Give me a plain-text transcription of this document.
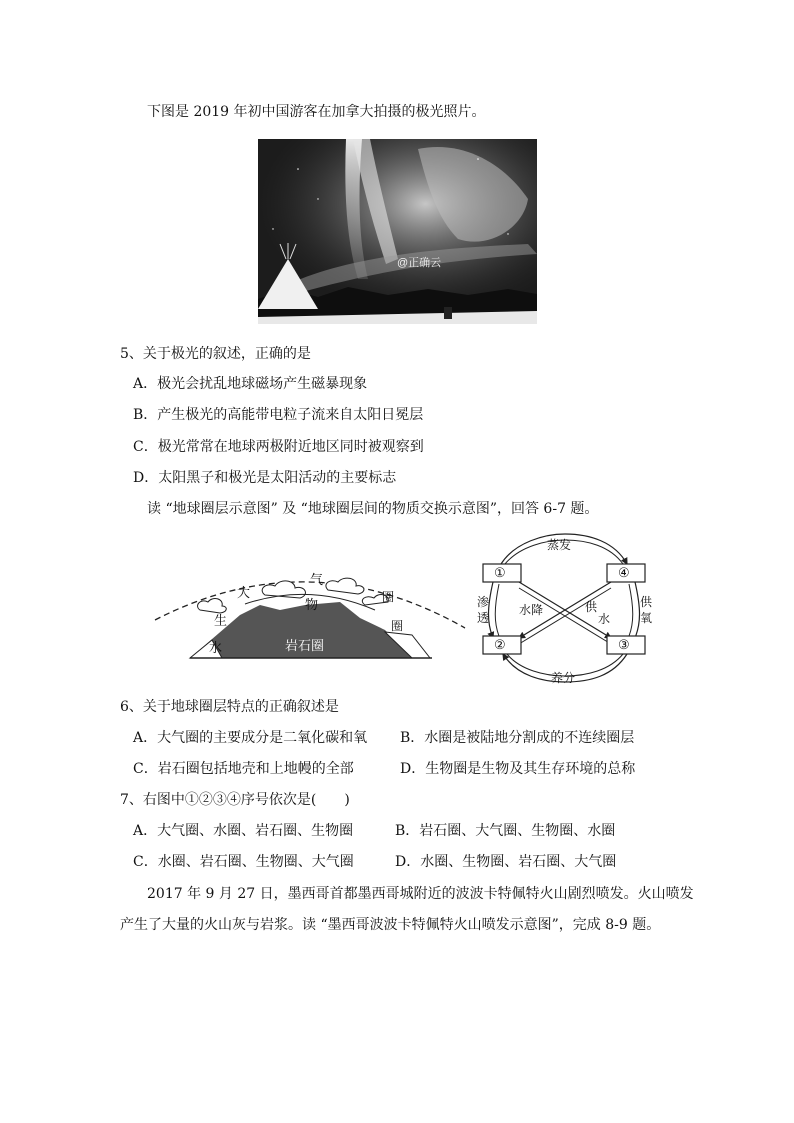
下图是 2019 年初中国游客在加拿大拍摄的极光照片。
@正确云
5、关于极光的叙述，正确的是
A．极光会扰乱地球磁场产生磁暴现象
B．产生极光的高能带电粒子流来自太阳日冕层
C．极光常常在地球两极附近地区同时被观察到
D．太阳黑子和极光是太阳活动的主要标志
读 “地球圈层示意图” 及 “地球圈层间的物质交换示意图”，回答 6-7 题。
大
气
圈
生
物
圈
水	岩石圈
①	④
②	③
蒸发
养分
渗
透
供
氧
水降	供
水
6、关于地球圈层特点的正确叙述是
A．大气圈的主要成分是二氧化碳和氧 B．水圈是被陆地分割成的不连续圈层
C．岩石圈包括地壳和上地幔的全部	D．生物圈是生物及其生存环境的总称
7、右图中①②③④序号依次是(　　)
A．大气圈、水圈、岩石圈、生物圈	B．岩石圈、大气圈、生物圈、水圈
C．水圈、岩石圈、生物圈、大气圈	D．水圈、生物圈、岩石圈、大气圈
2017 年 9 月 27 日，墨西哥首都墨西哥城附近的波波卡特佩特火山剧烈喷发。火山喷发
产生了大量的火山灰与岩浆。读 “墨西哥波波卡特佩特火山喷发示意图”，完成 8-9 题。
